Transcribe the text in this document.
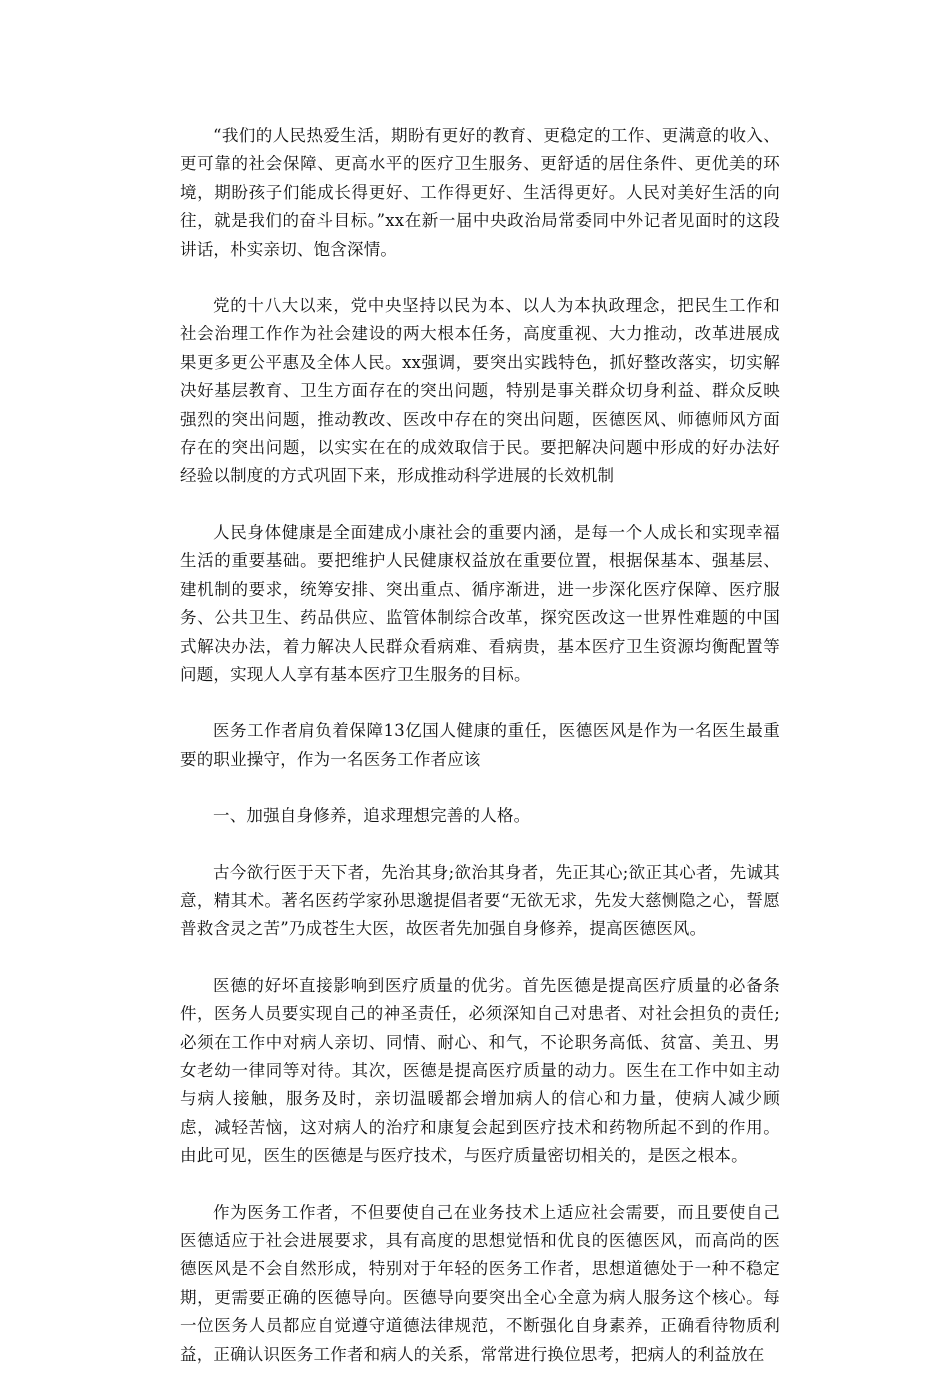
“我们的人民热爱生活，期盼有更好的教育、更稳定的工作、更满意的收入、更可靠的社会保障、更高水平的医疗卫生服务、更舒适的居住条件、更优美的环境，期盼孩子们能成长得更好、工作得更好、生活得更好。人民对美好生活的向往，就是我们的奋斗目标。”xx在新一届中央政治局常委同中外记者见面时的这段讲话，朴实亲切、饱含深情。

党的十八大以来，党中央坚持以民为本、以人为本执政理念，把民生工作和社会治理工作作为社会建设的两大根本任务，高度重视、大力推动，改革进展成果更多更公平惠及全体人民。xx强调，要突出实践特色，抓好整改落实，切实解决好基层教育、卫生方面存在的突出问题，特别是事关群众切身利益、群众反映强烈的突出问题，推动教改、医改中存在的突出问题，医德医风、师德师风方面存在的突出问题，以实实在在的成效取信于民。要把解决问题中形成的好办法好经验以制度的方式巩固下来，形成推动科学进展的长效机制

人民身体健康是全面建成小康社会的重要内涵，是每一个人成长和实现幸福生活的重要基础。要把维护人民健康权益放在重要位置，根据保基本、强基层、建机制的要求，统筹安排、突出重点、循序渐进，进一步深化医疗保障、医疗服务、公共卫生、药品供应、监管体制综合改革，探究医改这一世界性难题的中国式解决办法，着力解决人民群众看病难、看病贵，基本医疗卫生资源均衡配置等问题，实现人人享有基本医疗卫生服务的目标。

医务工作者肩负着保障13亿国人健康的重任，医德医风是作为一名医生最重要的职业操守，作为一名医务工作者应该

一、加强自身修养，追求理想完善的人格。

古今欲行医于天下者，先治其身;欲治其身者，先正其心;欲正其心者，先诚其意，精其术。著名医药学家孙思邈提倡者要“无欲无求，先发大慈恻隐之心，誓愿普救含灵之苦”乃成苍生大医，故医者先加强自身修养，提高医德医风。

医德的好坏直接影响到医疗质量的优劣。首先医德是提高医疗质量的必备条件，医务人员要实现自己的神圣责任，必须深知自己对患者、对社会担负的责任;必须在工作中对病人亲切、同情、耐心、和气，不论职务高低、贫富、美丑、男女老幼一律同等对待。其次，医德是提高医疗质量的动力。医生在工作中如主动与病人接触，服务及时，亲切温暖都会增加病人的信心和力量，使病人减少顾虑，减轻苦恼，这对病人的治疗和康复会起到医疗技术和药物所起不到的作用。由此可见，医生的医德是与医疗技术，与医疗质量密切相关的，是医之根本。

作为医务工作者，不但要使自己在业务技术上适应社会需要，而且要使自己医德适应于社会进展要求，具有高度的思想觉悟和优良的医德医风，而高尚的医德医风是不会自然形成，特别对于年轻的医务工作者，思想道德处于一种不稳定期，更需要正确的医德导向。医德导向要突出全心全意为病人服务这个核心。每一位医务人员都应自觉遵守道德法律规范，不断强化自身素养，正确看待物质利益，正确认识医务工作者和病人的关系，常常进行换位思考，把病人的利益放在
